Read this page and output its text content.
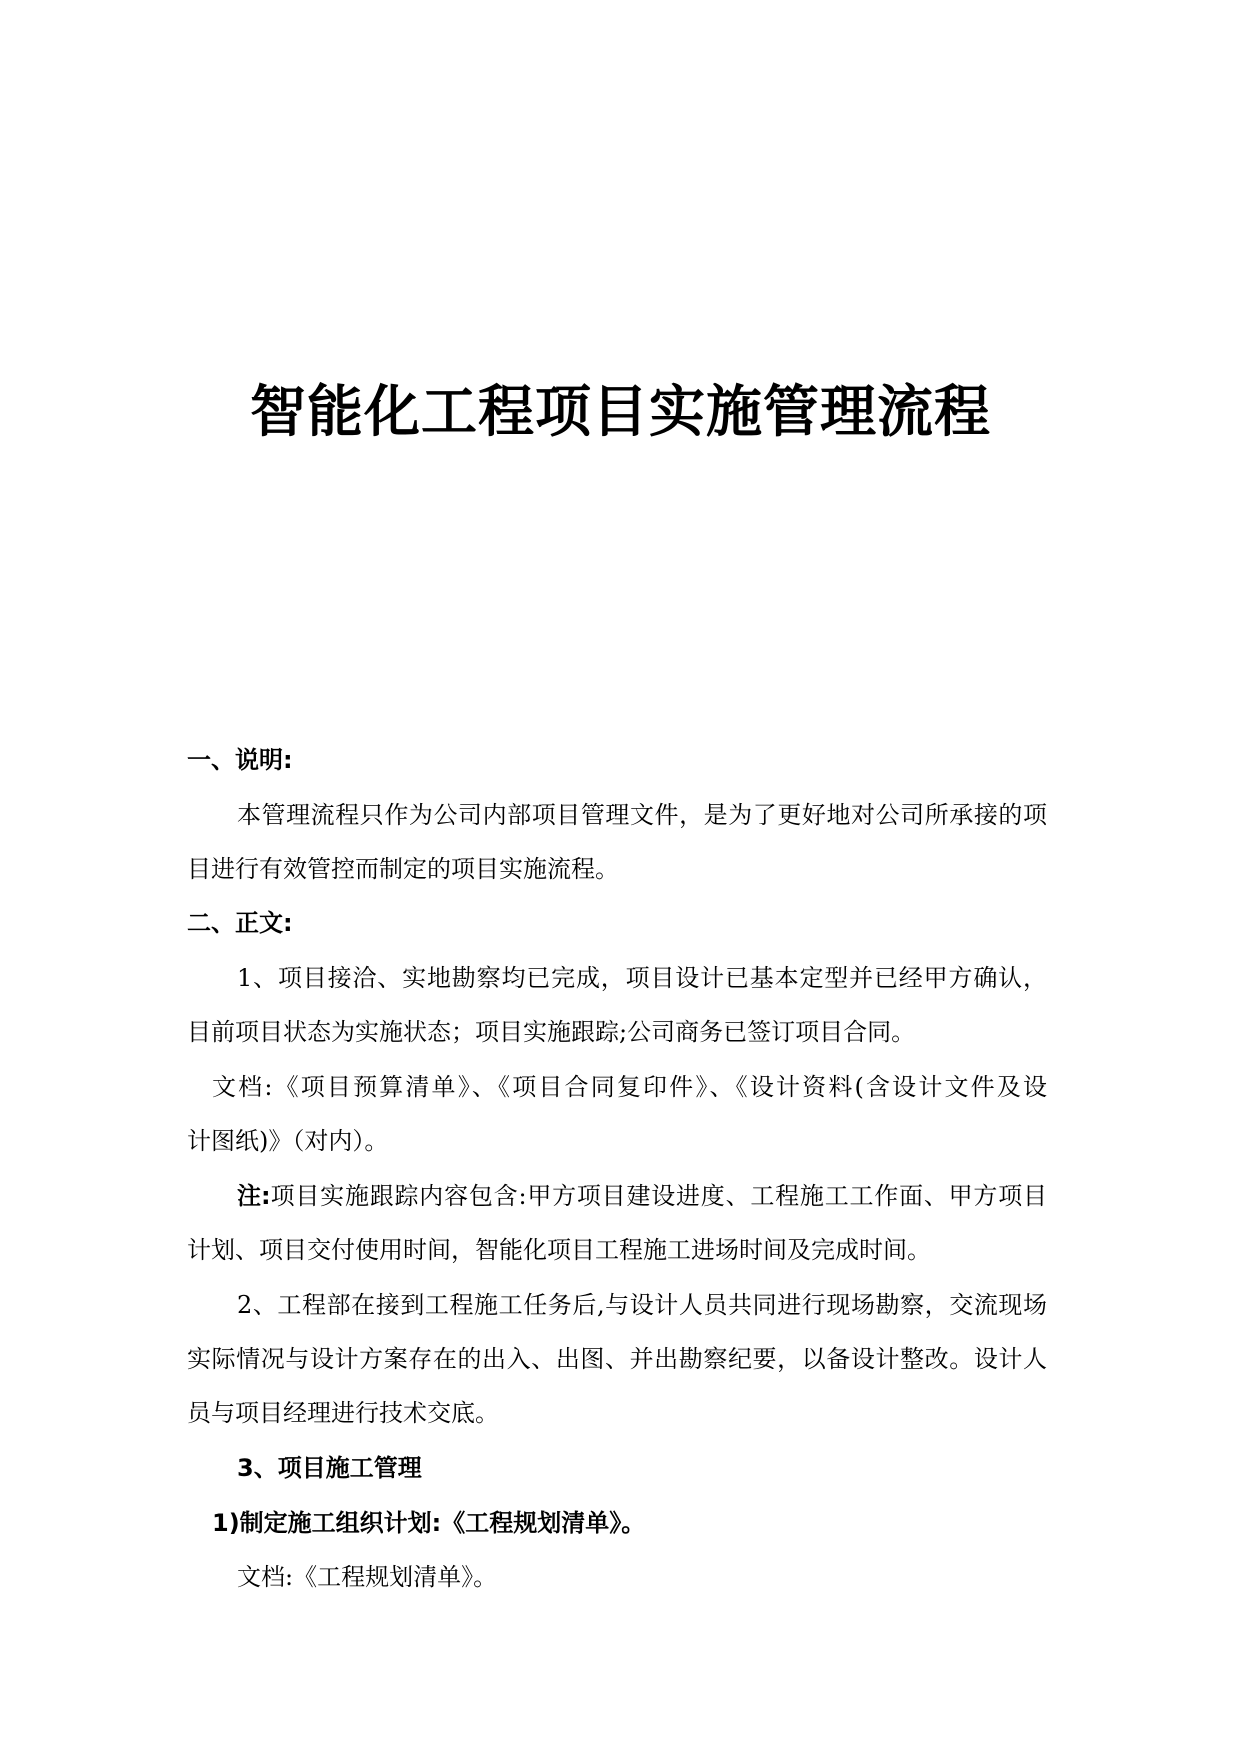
智能化工程项目实施管理流程
一、说明:
本管理流程只作为公司内部项目管理文件，是为了更好地对公司所承接的项
目进行有效管控而制定的项目实施流程。
二、正文:
1、项目接洽、实地勘察均已完成，项目设计已基本定型并已经甲方确认，
目前项目状态为实施状态；项目实施跟踪;公司商务已签订项目合同。
文档:《项目预算清单》、《项目合同复印件》、《设计资料(含设计文件及设
计图纸)》（对内）。
注: 项目实施跟踪内容包含:甲方项目建设进度、工程施工工作面、甲方项目
计划、项目交付使用时间，智能化项目工程施工进场时间及完成时间。
2、工程部在接到工程施工任务后,与设计人员共同进行现场勘察，交流现场
实际情况与设计方案存在的出入、出图、并出勘察纪要，以备设计整改。设计人
员与项目经理进行技术交底。
3、项目施工管理
1)制定施工组织计划:《工程规划清单》。
文档:《工程规划清单》。
